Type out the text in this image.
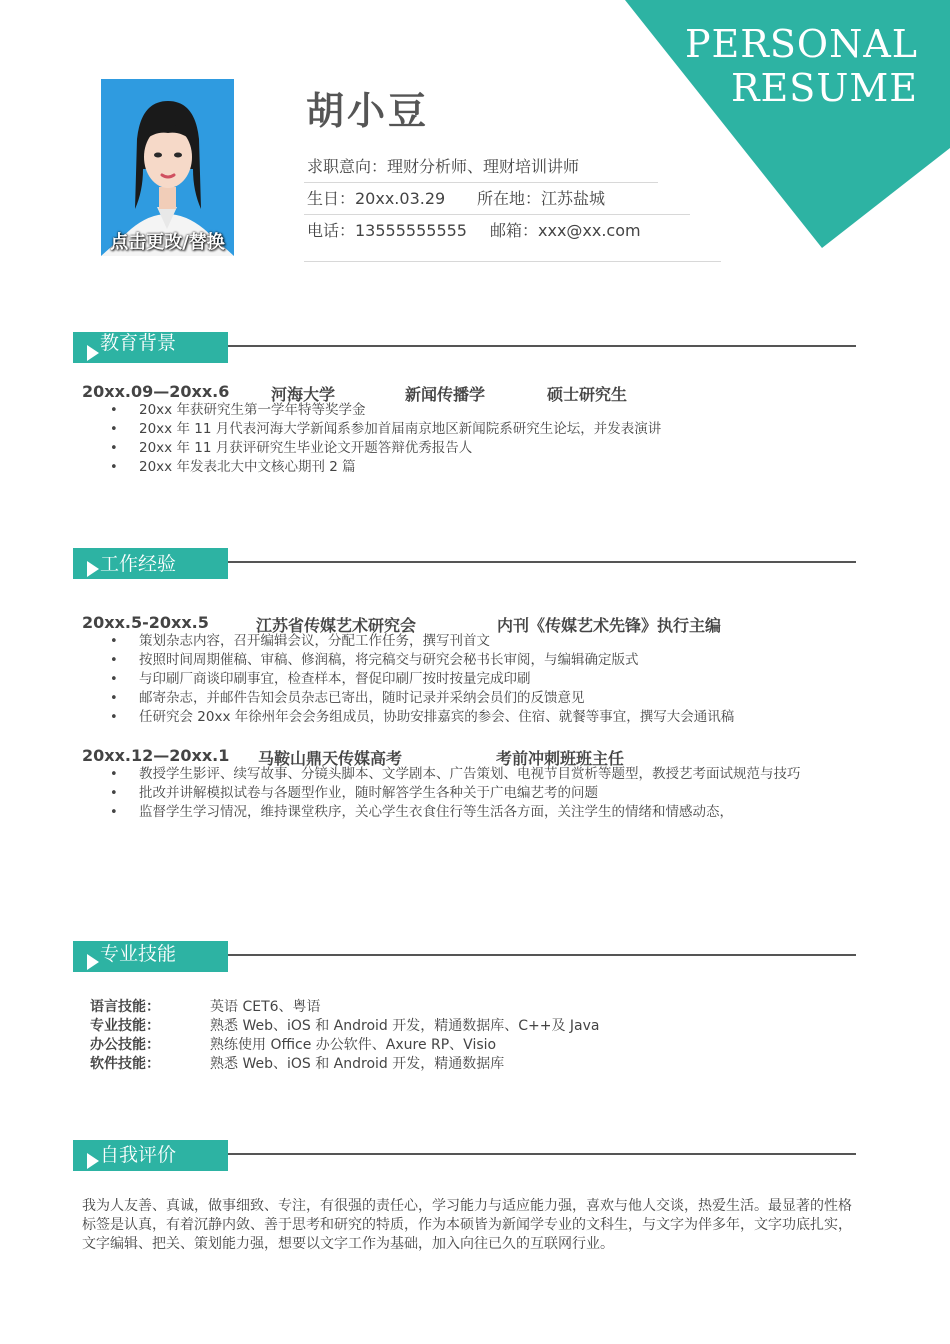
PERSONAL
RESUME
点击更改/替换
胡小豆
求职意向：理财分析师、理财培训讲师
生日：20xx.03.29 所在地：江苏盐城
电话：13555555555 邮箱：xxx@xx.com
教育背景
20xx.09—20xx.6	河海大学	新闻传播学	硕士研究生
• 20xx 年获研究生第一学年特等奖学金
• 20xx 年 11 月代表河海大学新闻系参加首届南京地区新闻院系研究生论坛，并发表演讲
• 20xx 年 11 月获评研究生毕业论文开题答辩优秀报告人
• 20xx 年发表北大中文核心期刊 2 篇
工作经验
20xx.5-20xx.5	江苏省传媒艺术研究会	内刊《传媒艺术先锋》执行主编
• 策划杂志内容，召开编辑会议，分配工作任务，撰写刊首文
• 按照时间周期催稿、审稿、修润稿，将完稿交与研究会秘书长审阅，与编辑确定版式
• 与印刷厂商谈印刷事宜，检查样本，督促印刷厂按时按量完成印刷
• 邮寄杂志，并邮件告知会员杂志已寄出，随时记录并采纳会员们的反馈意见
• 任研究会 20xx 年徐州年会会务组成员，协助安排嘉宾的参会、住宿、就餐等事宜，撰写大会通讯稿
20xx.12—20xx.1 马鞍山鼎天传媒高考	考前冲刺班班主任
• 教授学生影评、续写故事、分镜头脚本、文学剧本、广告策划、电视节目赏析等题型，教授艺考面试规范与技巧
• 批改并讲解模拟试卷与各题型作业，随时解答学生各种关于广电编艺考的问题
• 监督学生学习情况，维持课堂秩序，关心学生衣食住行等生活各方面，关注学生的情绪和情感动态，
专业技能
语言技能：	英语 CET6、粤语
专业技能：	熟悉 Web、iOS 和 Android 开发，精通数据库、C++及 Java
办公技能：	熟练使用 Office 办公软件、Axure RP、Visio
软件技能：	熟悉 Web、iOS 和 Android 开发，精通数据库
自我评价
我为人友善、真诚，做事细致、专注，有很强的责任心，学习能力与适应能力强，喜欢与他人交谈，热爱生活。最显著的性格标签是认真，有着沉静内敛、善于思考和研究的特质，作为本硕皆为新闻学专业的文科生，与文字为伴多年，文字功底扎实，文字编辑、把关、策划能力强，想要以文字工作为基础，加入向往已久的互联网行业。
